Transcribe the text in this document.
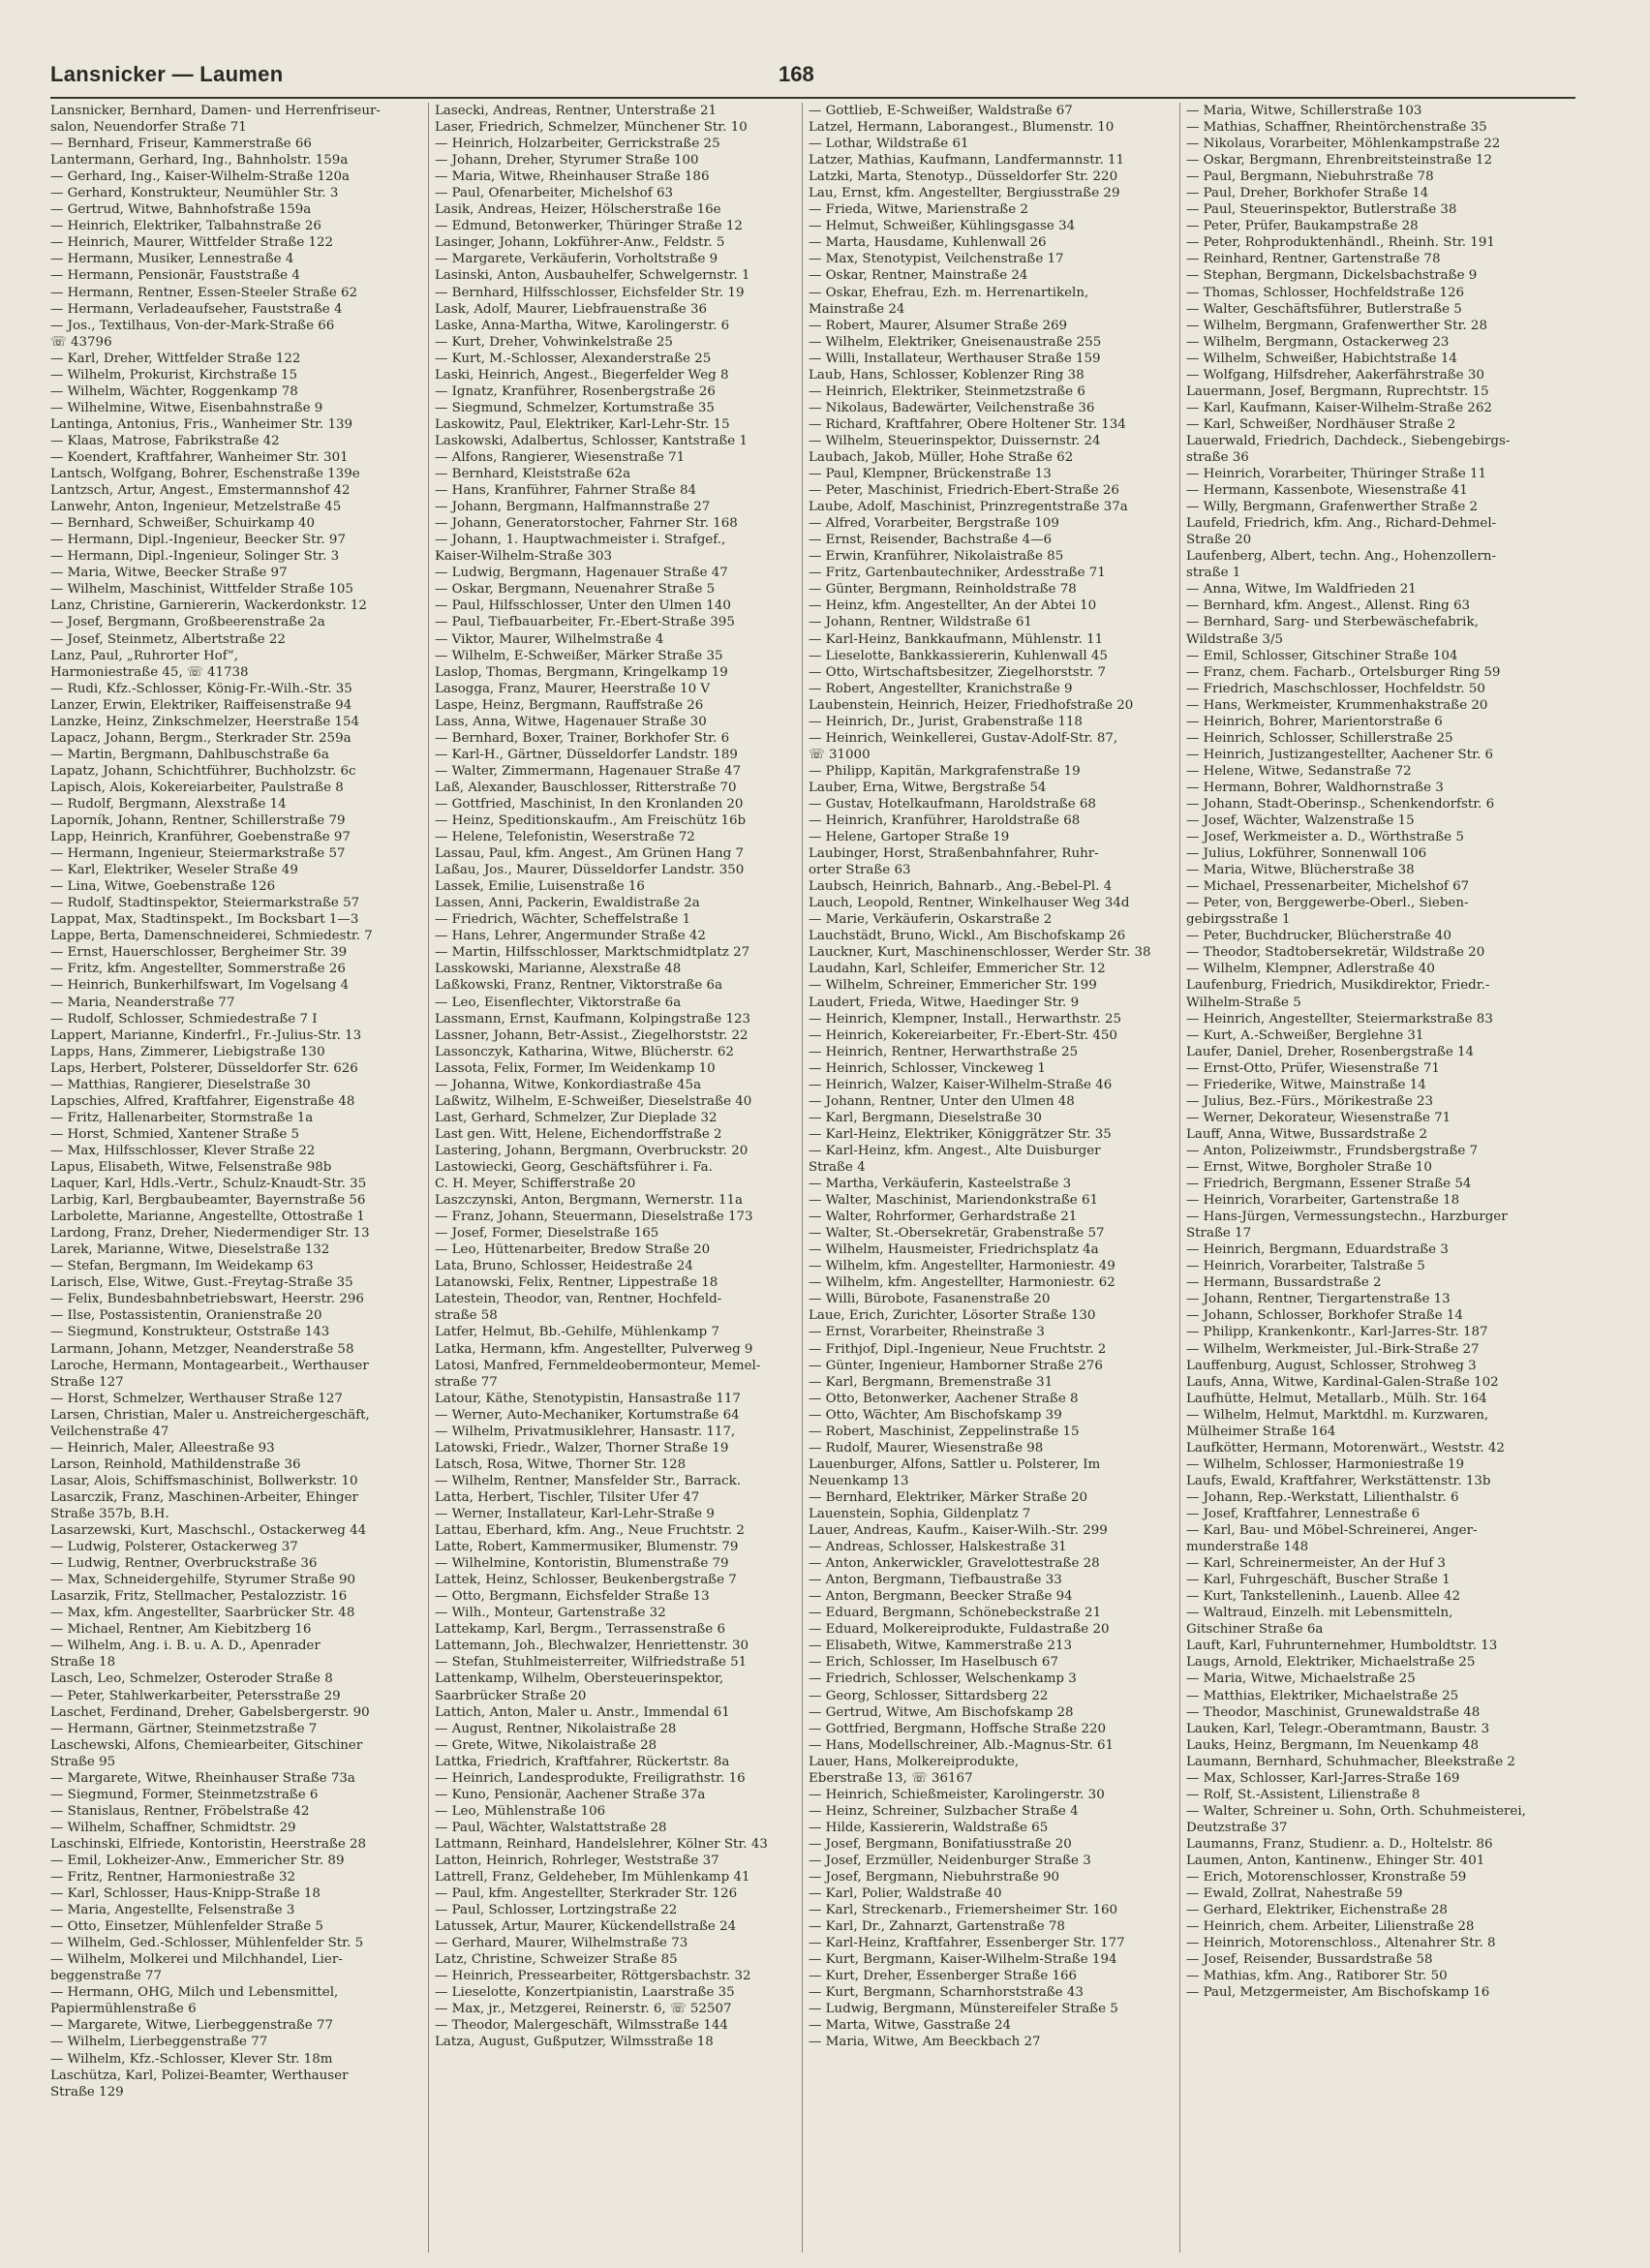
Lansnicker — Laumen	168
Lansnicker, Bernhard, Damen- und Herrenfriseur-
salon, Neuendorfer Straße 71
— Bernhard, Friseur, Kammerstraße 66
Lantermann, Gerhard, Ing., Bahnholstr. 159a
— Gerhard, Ing., Kaiser-Wilhelm-Straße 120a
— Gerhard, Konstrukteur, Neumühler Str. 3
— Gertrud, Witwe, Bahnhofstraße 159a
— Heinrich, Elektriker, Talbahnstraße 26
— Heinrich, Maurer, Wittfelder Straße 122
— Hermann, Musiker, Lennestraße 4
— Hermann, Pensionär, Fauststraße 4
— Hermann, Rentner, Essen-Steeler Straße 62
— Hermann, Verladeaufseher, Fauststraße 4
— Jos., Textilhaus, Von-der-Mark-Straße 66
☏ 43796
— Karl, Dreher, Wittfelder Straße 122
— Wilhelm, Prokurist, Kirchstraße 15
— Wilhelm, Wächter, Roggenkamp 78
— Wilhelmine, Witwe, Eisenbahnstraße 9
Lantinga, Antonius, Fris., Wanheimer Str. 139
— Klaas, Matrose, Fabrikstraße 42
— Koendert, Kraftfahrer, Wanheimer Str. 301
Lantsch, Wolfgang, Bohrer, Eschenstraße 139e
Lantzsch, Artur, Angest., Emstermannshof 42
Lanwehr, Anton, Ingenieur, Metzelstraße 45
— Bernhard, Schweißer, Schuirkamp 40
— Hermann, Dipl.-Ingenieur, Beecker Str. 97
— Hermann, Dipl.-Ingenieur, Solinger Str. 3
— Maria, Witwe, Beecker Straße 97
— Wilhelm, Maschinist, Wittfelder Straße 105
Lanz, Christine, Garniererin, Wackerdonkstr. 12
— Josef, Bergmann, Großbeerenstraße 2a
— Josef, Steinmetz, Albertstraße 22
Lanz, Paul, „Ruhrorter Hof“,
Harmoniestraße 45, ☏ 41738
— Rudi, Kfz.-Schlosser, König-Fr.-Wilh.-Str. 35
Lanzer, Erwin, Elektriker, Raiffeisenstraße 94
Lanzke, Heinz, Zinkschmelzer, Heerstraße 154
Lapacz, Johann, Bergm., Sterkrader Str. 259a
— Martin, Bergmann, Dahlbuschstraße 6a
Lapatz, Johann, Schichtführer, Buchholzstr. 6c
Lapisch, Alois, Kokereiarbeiter, Paulstraße 8
— Rudolf, Bergmann, Alexstraße 14
Laporník, Johann, Rentner, Schillerstraße 79
Lapp, Heinrich, Kranführer, Goebenstraße 97
— Hermann, Ingenieur, Steiermarkstraße 57
— Karl, Elektriker, Weseler Straße 49
— Lina, Witwe, Goebenstraße 126
— Rudolf, Stadtinspektor, Steiermarkstraße 57
Lappat, Max, Stadtinspekt., Im Bocksbart 1—3
Lappe, Berta, Damenschneiderei, Schmiedestr. 7
— Ernst, Hauerschlosser, Bergheimer Str. 39
— Fritz, kfm. Angestellter, Sommerstraße 26
— Heinrich, Bunkerhilfswart, Im Vogelsang 4
— Maria, Neanderstraße 77
— Rudolf, Schlosser, Schmiedestraße 7 I
Lappert, Marianne, Kinderfrl., Fr.-Julius-Str. 13
Lapps, Hans, Zimmerer, Liebigstraße 130
Laps, Herbert, Polsterer, Düsseldorfer Str. 626
— Matthias, Rangierer, Dieselstraße 30
Lapschies, Alfred, Kraftfahrer, Eigenstraße 48
— Fritz, Hallenarbeiter, Stormstraße 1a
— Horst, Schmied, Xantener Straße 5
— Max, Hilfsschlosser, Klever Straße 22
Lapus, Elisabeth, Witwe, Felsenstraße 98b
Laquer, Karl, Hdls.-Vertr., Schulz-Knaudt-Str. 35
Larbig, Karl, Bergbaubeamter, Bayernstraße 56
Larbolette, Marianne, Angestellte, Ottostraße 1
Lardong, Franz, Dreher, Niedermendiger Str. 13
Larek, Marianne, Witwe, Dieselstraße 132
— Stefan, Bergmann, Im Weidekamp 63
Larisch, Else, Witwe, Gust.-Freytag-Straße 35
— Felix, Bundesbahnbetriebswart, Heerstr. 296
— Ilse, Postassistentin, Oranienstraße 20
— Siegmund, Konstrukteur, Oststraße 143
Larmann, Johann, Metzger, Neanderstraße 58
Laroche, Hermann, Montagearbeit., Werthauser
Straße 127
— Horst, Schmelzer, Werthauser Straße 127
Larsen, Christian, Maler u. Anstreichergeschäft,
Veilchenstraße 47
— Heinrich, Maler, Alleestraße 93
Larson, Reinhold, Mathildenstraße 36
Lasar, Alois, Schiffsmaschinist, Bollwerkstr. 10
Lasarczik, Franz, Maschinen-Arbeiter, Ehinger
Straße 357b, B.H.
Lasarzewski, Kurt, Maschschl., Ostackerweg 44
— Ludwig, Polsterer, Ostackerweg 37
— Ludwig, Rentner, Overbruckstraße 36
— Max, Schneidergehilfe, Styrumer Straße 90
Lasarzik, Fritz, Stellmacher, Pestalozzistr. 16
— Max, kfm. Angestellter, Saarbrücker Str. 48
— Michael, Rentner, Am Kiebitzberg 16
— Wilhelm, Ang. i. B. u. A. D., Apenrader
Straße 18
Lasch, Leo, Schmelzer, Osteroder Straße 8
— Peter, Stahlwerkarbeiter, Petersstraße 29
Laschet, Ferdinand, Dreher, Gabelsbergerstr. 90
— Hermann, Gärtner, Steinmetzstraße 7
Laschewski, Alfons, Chemiearbeiter, Gitschiner
Straße 95
— Margarete, Witwe, Rheinhauser Straße 73a
— Siegmund, Former, Steinmetzstraße 6
— Stanislaus, Rentner, Fröbelstraße 42
— Wilhelm, Schaffner, Schmidtstr. 29
Laschinski, Elfriede, Kontoristin, Heerstraße 28
— Emil, Lokheizer-Anw., Emmericher Str. 89
— Fritz, Rentner, Harmoniestraße 32
— Karl, Schlosser, Haus-Knipp-Straße 18
— Maria, Angestellte, Felsenstraße 3
— Otto, Einsetzer, Mühlenfelder Straße 5
— Wilhelm, Ged.-Schlosser, Mühlenfelder Str. 5
— Wilhelm, Molkerei und Milchhandel, Lier-
beggenstraße 77
— Hermann, OHG, Milch und Lebensmittel,
Papiermühlenstraße 6
— Margarete, Witwe, Lierbeggenstraße 77
— Wilhelm, Lierbeggenstraße 77
— Wilhelm, Kfz.-Schlosser, Klever Str. 18m
Laschütza, Karl, Polizei-Beamter, Werthauser
Straße 129
Lasecki, Andreas, Rentner, Unterstraße 21
Laser, Friedrich, Schmelzer, Münchener Str. 10
— Heinrich, Holzarbeiter, Gerrickstraße 25
— Johann, Dreher, Styrumer Straße 100
— Maria, Witwe, Rheinhauser Straße 186
— Paul, Ofenarbeiter, Michelshof 63
Lasik, Andreas, Heizer, Hölscherstraße 16e
— Edmund, Betonwerker, Thüringer Straße 12
Lasinger, Johann, Lokführer-Anw., Feldstr. 5
— Margarete, Verkäuferin, Vorholtstraße 9
Lasinski, Anton, Ausbauhelfer, Schwelgernstr. 1
— Bernhard, Hilfsschlosser, Eichsfelder Str. 19
Lask, Adolf, Maurer, Liebfrauenstraße 36
Laske, Anna-Martha, Witwe, Karolingerstr. 6
— Kurt, Dreher, Vohwinkelstraße 25
— Kurt, M.-Schlosser, Alexanderstraße 25
Laski, Heinrich, Angest., Biegerfelder Weg 8
— Ignatz, Kranführer, Rosenbergstraße 26
— Siegmund, Schmelzer, Kortumstraße 35
Laskowitz, Paul, Elektriker, Karl-Lehr-Str. 15
Laskowski, Adalbertus, Schlosser, Kantstraße 1
— Alfons, Rangierer, Wiesenstraße 71
— Bernhard, Kleiststraße 62a
— Hans, Kranführer, Fahrner Straße 84
— Johann, Bergmann, Halfmannstraße 27
— Johann, Generatorstocher, Fahrner Str. 168
— Johann, 1. Hauptwachmeister i. Strafgef.,
Kaiser-Wilhelm-Straße 303
— Ludwig, Bergmann, Hagenauer Straße 47
— Oskar, Bergmann, Neuenahrer Straße 5
— Paul, Hilfsschlosser, Unter den Ulmen 140
— Paul, Tiefbauarbeiter, Fr.-Ebert-Straße 395
— Viktor, Maurer, Wilhelmstraße 4
— Wilhelm, E-Schweißer, Märker Straße 35
Laslop, Thomas, Bergmann, Kringelkamp 19
Lasogga, Franz, Maurer, Heerstraße 10 V
Laspe, Heinz, Bergmann, Rauffstraße 26
Lass, Anna, Witwe, Hagenauer Straße 30
— Bernhard, Boxer, Trainer, Borkhofer Str. 6
— Karl-H., Gärtner, Düsseldorfer Landstr. 189
— Walter, Zimmermann, Hagenauer Straße 47
Laß, Alexander, Bauschlosser, Ritterstraße 70
— Gottfried, Maschinist, In den Kronlanden 20
— Heinz, Speditionskaufm., Am Freischütz 16b
— Helene, Telefonistin, Weserstraße 72
Lassau, Paul, kfm. Angest., Am Grünen Hang 7
Laßau, Jos., Maurer, Düsseldorfer Landstr. 350
Lassek, Emilie, Luisenstraße 16
Lassen, Anni, Packerin, Ewaldistraße 2a
— Friedrich, Wächter, Scheffelstraße 1
— Hans, Lehrer, Angermunder Straße 42
— Martin, Hilfsschlosser, Marktschmidtplatz 27
Lasskowski, Marianne, Alexstraße 48
Laßkowski, Franz, Rentner, Viktorstraße 6a
— Leo, Eisenflechter, Viktorstraße 6a
Lassmann, Ernst, Kaufmann, Kolpingstraße 123
Lassner, Johann, Betr-Assist., Ziegelhorststr. 22
Lassonczyk, Katharina, Witwe, Blücherstr. 62
Lassota, Felix, Former, Im Weidenkamp 10
— Johanna, Witwe, Konkordiastraße 45a
Laßwitz, Wilhelm, E-Schweißer, Dieselstraße 40
Last, Gerhard, Schmelzer, Zur Dieplade 32
Last gen. Witt, Helene, Eichendorffstraße 2
Lastering, Johann, Bergmann, Overbruckstr. 20
Lastowiecki, Georg, Geschäftsführer i. Fa.
C. H. Meyer, Schifferstraße 20
Laszczynski, Anton, Bergmann, Wernerstr. 11a
— Franz, Johann, Steuermann, Dieselstraße 173
— Josef, Former, Dieselstraße 165
— Leo, Hüttenarbeiter, Bredow Straße 20
Lata, Bruno, Schlosser, Heidestraße 24
Latanowski, Felix, Rentner, Lippestraße 18
Latestein, Theodor, van, Rentner, Hochfeld-
straße 58
Latfer, Helmut, Bb.-Gehilfe, Mühlenkamp 7
Latka, Hermann, kfm. Angestellter, Pulverweg 9
Latosi, Manfred, Fernmeldeobermonteur, Memel-
straße 77
Latour, Käthe, Stenotypistin, Hansastraße 117
— Werner, Auto-Mechaniker, Kortumstraße 64
— Wilhelm, Privatmusiklehrer, Hansastr. 117,
Latowski, Friedr., Walzer, Thorner Straße 19
Latsch, Rosa, Witwe, Thorner Str. 128
— Wilhelm, Rentner, Mansfelder Str., Barrack.
Latta, Herbert, Tischler, Tilsiter Ufer 47
— Werner, Installateur, Karl-Lehr-Straße 9
Lattau, Eberhard, kfm. Ang., Neue Fruchtstr. 2
Latte, Robert, Kammermusiker, Blumenstr. 79
— Wilhelmine, Kontoristin, Blumenstraße 79
Lattek, Heinz, Schlosser, Beukenbergstraße 7
— Otto, Bergmann, Eichsfelder Straße 13
— Wilh., Monteur, Gartenstraße 32
Lattekamp, Karl, Bergm., Terrassenstraße 6
Lattemann, Joh., Blechwalzer, Henriettenstr. 30
— Stefan, Stuhlmeisterreiter, Wilfriedstraße 51
Lattenkamp, Wilhelm, Obersteuerinspektor,
Saarbrücker Straße 20
Lattich, Anton, Maler u. Anstr., Immendal 61
— August, Rentner, Nikolaistraße 28
— Grete, Witwe, Nikolaistraße 28
Lattka, Friedrich, Kraftfahrer, Rückertstr. 8a
— Heinrich, Landesprodukte, Freiligrathstr. 16
— Kuno, Pensionär, Aachener Straße 37a
— Leo, Mühlenstraße 106
— Paul, Wächter, Walstattstraße 28
Lattmann, Reinhard, Handelslehrer, Kölner Str. 43
Latton, Heinrich, Rohrleger, Weststraße 37
Lattrell, Franz, Geldeheber, Im Mühlenkamp 41
— Paul, kfm. Angestellter, Sterkrader Str. 126
— Paul, Schlosser, Lortzingstraße 22
Latussek, Artur, Maurer, Kückendellstraße 24
— Gerhard, Maurer, Wilhelmstraße 73
Latz, Christine, Schweizer Straße 85
— Heinrich, Pressearbeiter, Röttgersbachstr. 32
— Lieselotte, Konzertpianistin, Laarstraße 35
— Max, jr., Metzgerei, Reinerstr. 6, ☏ 52507
— Theodor, Malergeschäft, Wilmsstraße 144
Latza, August, Gußputzer, Wilmsstraße 18
— Gottlieb, E-Schweißer, Waldstraße 67
Latzel, Hermann, Laborangest., Blumenstr. 10
— Lothar, Wildstraße 61
Latzer, Mathias, Kaufmann, Landfermannstr. 11
Latzki, Marta, Stenotyp., Düsseldorfer Str. 220
Lau, Ernst, kfm. Angestellter, Bergiusstraße 29
— Frieda, Witwe, Marienstraße 2
— Helmut, Schweißer, Kühlingsgasse 34
— Marta, Hausdame, Kuhlenwall 26
— Max, Stenotypist, Veilchenstraße 17
— Oskar, Rentner, Mainstraße 24
— Oskar, Ehefrau, Ezh. m. Herrenartikeln,
Mainstraße 24
— Robert, Maurer, Alsumer Straße 269
— Wilhelm, Elektriker, Gneisenaustraße 255
— Willi, Installateur, Werthauser Straße 159
Laub, Hans, Schlosser, Koblenzer Ring 38
— Heinrich, Elektriker, Steinmetzstraße 6
— Nikolaus, Badewärter, Veilchenstraße 36
— Richard, Kraftfahrer, Obere Holtener Str. 134
— Wilhelm, Steuerinspektor, Duissernstr. 24
Laubach, Jakob, Müller, Hohe Straße 62
— Paul, Klempner, Brückenstraße 13
— Peter, Maschinist, Friedrich-Ebert-Straße 26
Laube, Adolf, Maschinist, Prinzregentstraße 37a
— Alfred, Vorarbeiter, Bergstraße 109
— Ernst, Reisender, Bachstraße 4—6
— Erwin, Kranführer, Nikolaistraße 85
— Fritz, Gartenbautechniker, Ardesstraße 71
— Günter, Bergmann, Reinholdstraße 78
— Heinz, kfm. Angestellter, An der Abtei 10
— Johann, Rentner, Wildstraße 61
— Karl-Heinz, Bankkaufmann, Mühlenstr. 11
— Lieselotte, Bankkassiererin, Kuhlenwall 45
— Otto, Wirtschaftsbesitzer, Ziegelhorststr. 7
— Robert, Angestellter, Kranichstraße 9
Laubenstein, Heinrich, Heizer, Friedhofstraße 20
— Heinrich, Dr., Jurist, Grabenstraße 118
— Heinrich, Weinkellerei, Gustav-Adolf-Str. 87,
☏ 31000
— Philipp, Kapitän, Markgrafenstraße 19
Lauber, Erna, Witwe, Bergstraße 54
— Gustav, Hotelkaufmann, Haroldstraße 68
— Heinrich, Kranführer, Haroldstraße 68
— Helene, Gartoper Straße 19
Laubinger, Horst, Straßenbahnfahrer, Ruhr-
orter Straße 63
Laubsch, Heinrich, Bahnarb., Ang.-Bebel-Pl. 4
Lauch, Leopold, Rentner, Winkelhauser Weg 34d
— Marie, Verkäuferin, Oskarstraße 2
Lauchstädt, Bruno, Wickl., Am Bischofskamp 26
Lauckner, Kurt, Maschinenschlosser, Werder Str. 38
Laudahn, Karl, Schleifer, Emmericher Str. 12
— Wilhelm, Schreiner, Emmericher Str. 199
Laudert, Frieda, Witwe, Haedinger Str. 9
— Heinrich, Klempner, Install., Herwarthstr. 25
— Heinrich, Kokereiarbeiter, Fr.-Ebert-Str. 450
— Heinrich, Rentner, Herwarthstraße 25
— Heinrich, Schlosser, Vinckeweg 1
— Heinrich, Walzer, Kaiser-Wilhelm-Straße 46
— Johann, Rentner, Unter den Ulmen 48
— Karl, Bergmann, Dieselstraße 30
— Karl-Heinz, Elektriker, Königgrätzer Str. 35
— Karl-Heinz, kfm. Angest., Alte Duisburger
Straße 4
— Martha, Verkäuferin, Kasteelstraße 3
— Walter, Maschinist, Mariendonkstraße 61
— Walter, Rohrformer, Gerhardstraße 21
— Walter, St.-Obersekretär, Grabenstraße 57
— Wilhelm, Hausmeister, Friedrichsplatz 4a
— Wilhelm, kfm. Angestellter, Harmoniestr. 49
— Wilhelm, kfm. Angestellter, Harmoniestr. 62
— Willi, Bürobote, Fasanenstraße 20
Laue, Erich, Zurichter, Lösorter Straße 130
— Ernst, Vorarbeiter, Rheinstraße 3
— Frithjof, Dipl.-Ingenieur, Neue Fruchtstr. 2
— Günter, Ingenieur, Hamborner Straße 276
— Karl, Bergmann, Bremenstraße 31
— Otto, Betonwerker, Aachener Straße 8
— Otto, Wächter, Am Bischofskamp 39
— Robert, Maschinist, Zeppelinstraße 15
— Rudolf, Maurer, Wiesenstraße 98
Lauenburger, Alfons, Sattler u. Polsterer, Im
Neuenkamp 13
— Bernhard, Elektriker, Märker Straße 20
Lauenstein, Sophia, Gildenplatz 7
Lauer, Andreas, Kaufm., Kaiser-Wilh.-Str. 299
— Andreas, Schlosser, Halskestraße 31
— Anton, Ankerwickler, Gravelottestraße 28
— Anton, Bergmann, Tiefbaustraße 33
— Anton, Bergmann, Beecker Straße 94
— Eduard, Bergmann, Schönebeckstraße 21
— Eduard, Molkereiprodukte, Fuldastraße 20
— Elisabeth, Witwe, Kammerstraße 213
— Erich, Schlosser, Im Haselbusch 67
— Friedrich, Schlosser, Welschenkamp 3
— Georg, Schlosser, Sittardsberg 22
— Gertrud, Witwe, Am Bischofskamp 28
— Gottfried, Bergmann, Hoffsche Straße 220
— Hans, Modellschreiner, Alb.-Magnus-Str. 61
Lauer, Hans, Molkereiprodukte,
Eberstraße 13, ☏ 36167
— Heinrich, Schießmeister, Karolingerstr. 30
— Heinz, Schreiner, Sulzbacher Straße 4
— Hilde, Kassiererin, Waldstraße 65
— Josef, Bergmann, Bonifatiusstraße 20
— Josef, Erzmüller, Neidenburger Straße 3
— Josef, Bergmann, Niebuhrstraße 90
— Karl, Polier, Waldstraße 40
— Karl, Streckenarb., Friemersheimer Str. 160
— Karl, Dr., Zahnarzt, Gartenstraße 78
— Karl-Heinz, Kraftfahrer, Essenberger Str. 177
— Kurt, Bergmann, Kaiser-Wilhelm-Straße 194
— Kurt, Dreher, Essenberger Straße 166
— Kurt, Bergmann, Scharnhorststraße 43
— Ludwig, Bergmann, Münstereifeler Straße 5
— Marta, Witwe, Gasstraße 24
— Maria, Witwe, Am Beeckbach 27
— Maria, Witwe, Schillerstraße 103
— Mathias, Schaffner, Rheintörchenstraße 35
— Nikolaus, Vorarbeiter, Möhlenkampstraße 22
— Oskar, Bergmann, Ehrenbreitsteinstraße 12
— Paul, Bergmann, Niebuhrstraße 78
— Paul, Dreher, Borkhofer Straße 14
— Paul, Steuerinspektor, Butlerstraße 38
— Peter, Prüfer, Baukampstraße 28
— Peter, Rohproduktenhändl., Rheinh. Str. 191
— Reinhard, Rentner, Gartenstraße 78
— Stephan, Bergmann, Dickelsbachstraße 9
— Thomas, Schlosser, Hochfeldstraße 126
— Walter, Geschäftsführer, Butlerstraße 5
— Wilhelm, Bergmann, Grafenwerther Str. 28
— Wilhelm, Bergmann, Ostackerweg 23
— Wilhelm, Schweißer, Habichtstraße 14
— Wolfgang, Hilfsdreher, Aakerfährstraße 30
Lauermann, Josef, Bergmann, Ruprechtstr. 15
— Karl, Kaufmann, Kaiser-Wilhelm-Straße 262
— Karl, Schweißer, Nordhäuser Straße 2
Lauerwald, Friedrich, Dachdeck., Siebengebirgs-
straße 36
— Heinrich, Vorarbeiter, Thüringer Straße 11
— Hermann, Kassenbote, Wiesenstraße 41
— Willy, Bergmann, Grafenwerther Straße 2
Laufeld, Friedrich, kfm. Ang., Richard-Dehmel-
Straße 20
Laufenberg, Albert, techn. Ang., Hohenzollern-
straße 1
— Anna, Witwe, Im Waldfrieden 21
— Bernhard, kfm. Angest., Allenst. Ring 63
— Bernhard, Sarg- und Sterbewäschefabrik,
Wildstraße 3/5
— Emil, Schlosser, Gitschiner Straße 104
— Franz, chem. Facharb., Ortelsburger Ring 59
— Friedrich, Maschschlosser, Hochfeldstr. 50
— Hans, Werkmeister, Krummenhakstraße 20
— Heinrich, Bohrer, Marientorstraße 6
— Heinrich, Schlosser, Schillerstraße 25
— Heinrich, Justizangestellter, Aachener Str. 6
— Helene, Witwe, Sedanstraße 72
— Hermann, Bohrer, Waldhornstraße 3
— Johann, Stadt-Oberinsp., Schenkendorfstr. 6
— Josef, Wächter, Walzenstraße 15
— Josef, Werkmeister a. D., Wörthstraße 5
— Julius, Lokführer, Sonnenwall 106
— Maria, Witwe, Blücherstraße 38
— Michael, Pressenarbeiter, Michelshof 67
— Peter, von, Berggewerbe-Oberl., Sieben-
gebirgsstraße 1
— Peter, Buchdrucker, Blücherstraße 40
— Theodor, Stadtobersekretär, Wildstraße 20
— Wilhelm, Klempner, Adlerstraße 40
Laufenburg, Friedrich, Musikdirektor, Friedr.-
Wilhelm-Straße 5
— Heinrich, Angestellter, Steiermarkstraße 83
— Kurt, A.-Schweißer, Berglehne 31
Laufer, Daniel, Dreher, Rosenbergstraße 14
— Ernst-Otto, Prüfer, Wiesenstraße 71
— Friederike, Witwe, Mainstraße 14
— Julius, Bez.-Fürs., Mörikestraße 23
— Werner, Dekorateur, Wiesenstraße 71
Lauff, Anna, Witwe, Bussardstraße 2
— Anton, Polizeiwmstr., Frundsbergstraße 7
— Ernst, Witwe, Borgholer Straße 10
— Friedrich, Bergmann, Essener Straße 54
— Heinrich, Vorarbeiter, Gartenstraße 18
— Hans-Jürgen, Vermessungstechn., Harzburger
Straße 17
— Heinrich, Bergmann, Eduardstraße 3
— Heinrich, Vorarbeiter, Talstraße 5
— Hermann, Bussardstraße 2
— Johann, Rentner, Tiergartenstraße 13
— Johann, Schlosser, Borkhofer Straße 14
— Philipp, Krankenkontr., Karl-Jarres-Str. 187
— Wilhelm, Werkmeister, Jul.-Birk-Straße 27
Lauffenburg, August, Schlosser, Strohweg 3
Laufs, Anna, Witwe, Kardinal-Galen-Straße 102
Laufhütte, Helmut, Metallarb., Mülh. Str. 164
— Wilhelm, Helmut, Marktdhl. m. Kurzwaren,
Mülheimer Straße 164
Laufkötter, Hermann, Motorenwärt., Weststr. 42
— Wilhelm, Schlosser, Harmoniestraße 19
Laufs, Ewald, Kraftfahrer, Werkstättenstr. 13b
— Johann, Rep.-Werkstatt, Lilienthalstr. 6
— Josef, Kraftfahrer, Lennestraße 6
— Karl, Bau- und Möbel-Schreinerei, Anger-
munderstraße 148
— Karl, Schreinermeister, An der Huf 3
— Karl, Fuhrgeschäft, Buscher Straße 1
— Kurt, Tankstelleninh., Lauenb. Allee 42
— Waltraud, Einzelh. mit Lebensmitteln,
Gitschiner Straße 6a
Lauft, Karl, Fuhrunternehmer, Humboldtstr. 13
Laugs, Arnold, Elektriker, Michaelstraße 25
— Maria, Witwe, Michaelstraße 25
— Matthias, Elektriker, Michaelstraße 25
— Theodor, Maschinist, Grunewaldstraße 48
Lauken, Karl, Telegr.-Oberamtmann, Baustr. 3
Lauks, Heinz, Bergmann, Im Neuenkamp 48
Laumann, Bernhard, Schuhmacher, Bleekstraße 2
— Max, Schlosser, Karl-Jarres-Straße 169
— Rolf, St.-Assistent, Lilienstraße 8
— Walter, Schreiner u. Sohn, Orth. Schuhmeisterei,
Deutzstraße 37
Laumanns, Franz, Studienr. a. D., Holtelstr. 86
Laumen, Anton, Kantinenw., Ehinger Str. 401
— Erich, Motorenschlosser, Kronstraße 59
— Ewald, Zollrat, Nahestraße 59
— Gerhard, Elektriker, Eichenstraße 28
— Heinrich, chem. Arbeiter, Lilienstraße 28
— Heinrich, Motorenschloss., Altenahrer Str. 8
— Josef, Reisender, Bussardstraße 58
— Mathias, kfm. Ang., Ratiborer Str. 50
— Paul, Metzgermeister, Am Bischofskamp 16
